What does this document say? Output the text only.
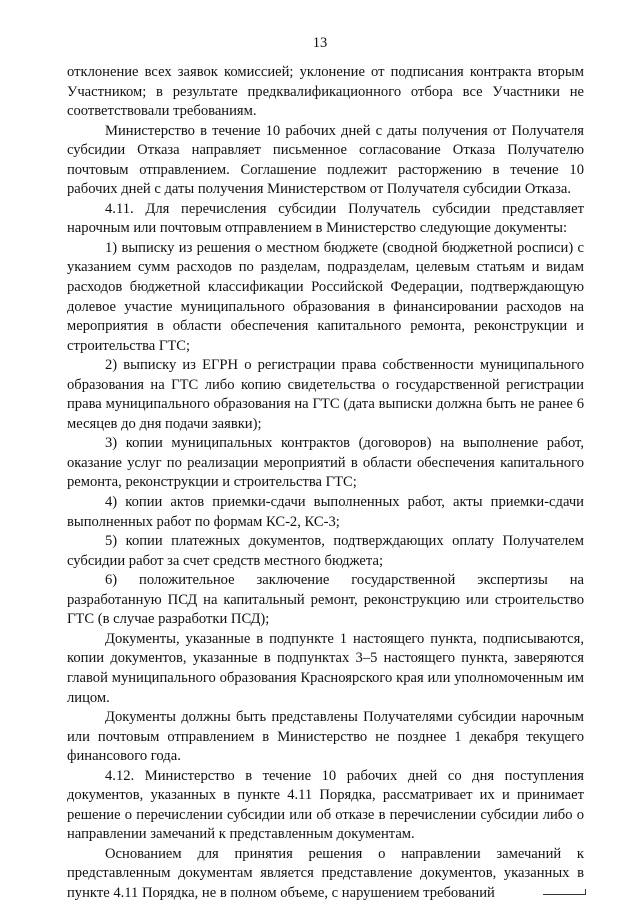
13

отклонение всех заявок комиссией; уклонение от подписания контракта вторым Участником; в результате предквалификационного отбора все Участники не соответствовали требованиям.

Министерство в течение 10 рабочих дней с даты получения от Получателя субсидии Отказа направляет письменное согласование Отказа Получателю почтовым отправлением. Соглашение подлежит расторжению в течение 10 рабочих дней с даты получения Министерством от Получателя субсидии Отказа.

4.11. Для перечисления субсидии Получатель субсидии представляет нарочным или почтовым отправлением в Министерство следующие документы:

1) выписку из решения о местном бюджете (сводной бюджетной росписи) с указанием сумм расходов по разделам, подразделам, целевым статьям и видам расходов бюджетной классификации Российской Федерации, подтверждающую долевое участие муниципального образования в финансировании расходов на мероприятия в области обеспечения капитального ремонта, реконструкции и строительства ГТС;

2) выписку из ЕГРН о регистрации права собственности муниципального образования на ГТС либо копию свидетельства о государственной регистрации права муниципального образования на ГТС (дата выписки должна быть не ранее 6 месяцев до дня подачи заявки);

3) копии муниципальных контрактов (договоров) на выполнение работ, оказание услуг по реализации мероприятий в области обеспечения капитального ремонта, реконструкции и строительства ГТС;

4) копии актов приемки-сдачи выполненных работ, акты приемки-сдачи выполненных работ по формам КС-2, КС-3;

5) копии платежных документов, подтверждающих оплату Получателем субсидии работ за счет средств местного бюджета;

6) положительное заключение государственной экспертизы на разработанную ПСД на капитальный ремонт, реконструкцию или строительство ГТС (в случае разработки ПСД);

Документы, указанные в подпункте 1 настоящего пункта, подписываются, копии документов, указанные в подпунктах 3–5 настоящего пункта, заверяются главой муниципального образования Красноярского края или уполномоченным им лицом.

Документы должны быть представлены Получателями субсидии нарочным или почтовым отправлением в Министерство не позднее 1 декабря текущего финансового года.

4.12. Министерство в течение 10 рабочих дней со дня поступления документов, указанных в пункте 4.11 Порядка, рассматривает их и принимает решение о перечислении субсидии или об отказе в перечислении субсидии либо о направлении замечаний к представленным документам.

Основанием для принятия решения о направлении замечаний к представленным документам является представление документов, указанных в пункте 4.11 Порядка, не в полном объеме, с нарушением требований
